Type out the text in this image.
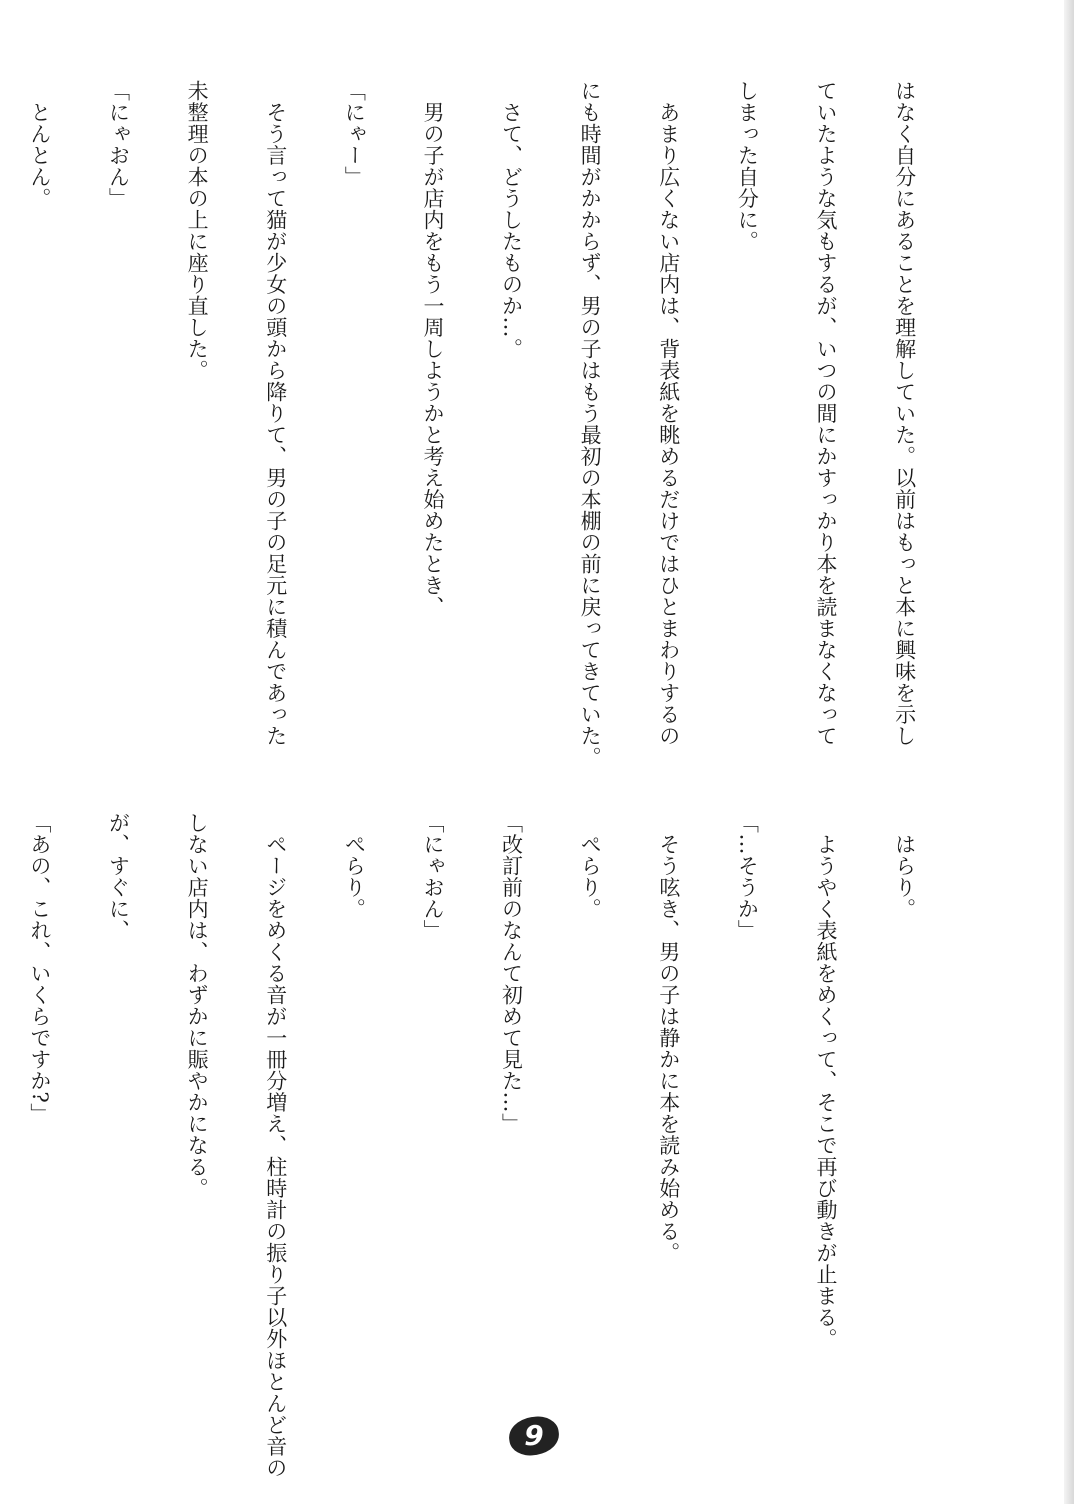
はなく自分にあることを理解していた。以前はもっと本に興味を示し

ていたような気もするが、いつの間にかすっかり本を読まなくなって

しまった自分に。

　あまり広くない店内は、背表紙を眺めるだけではひとまわりするの

にも時間がかからず、男の子はもう最初の本棚の前に戻ってきていた。

　さて、どうしたものか…。

　男の子が店内をもう一周しようかと考え始めたとき、

「にゃー」

　そう言って猫が少女の頭から降りて、男の子の足元に積んであった

未整理の本の上に座り直した。

「にゃおん」

　とんとん。

　はらり。

　ようやく表紙をめくって、そこで再び動きが止まる。

「…そうか」

　そう呟き、男の子は静かに本を読み始める。

　ぺらり。

「改訂前のなんて初めて見た…」

「にゃおん」

　ぺらり。

　ページをめくる音が一冊分増え、柱時計の振り子以外ほとんど音の

しない店内は、わずかに賑やかになる。

が、すぐに、

「あの、これ、いくらですか?」

9
